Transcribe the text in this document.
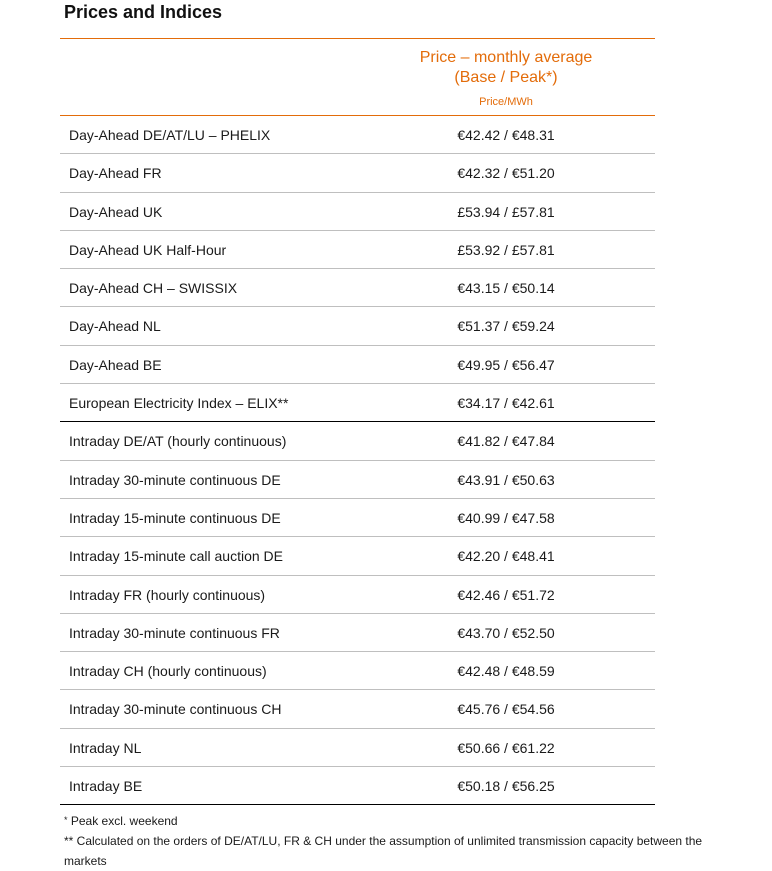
Prices and Indices
Price – monthly average
(Base / Peak*)
Price/MWh
Day-Ahead DE/AT/LU – PHELIX	€42.42 / €48.31
Day-Ahead FR	€42.32 / €51.20
Day-Ahead UK	£53.94 / £57.81
Day-Ahead UK Half-Hour	£53.92 / £57.81
Day-Ahead CH – SWISSIX	€43.15 / €50.14
Day-Ahead NL	€51.37 / €59.24
Day-Ahead BE	€49.95 / €56.47
European Electricity Index – ELIX**	€34.17 / €42.61
Intraday DE/AT (hourly continuous)	€41.82 / €47.84
Intraday 30-minute continuous DE	€43.91 / €50.63
Intraday 15-minute continuous DE	€40.99 / €47.58
Intraday 15-minute call auction DE	€42.20 / €48.41
Intraday FR (hourly continuous)	€42.46 / €51.72
Intraday 30-minute continuous FR	€43.70 / €52.50
Intraday CH (hourly continuous)	€42.48 / €48.59
Intraday 30-minute continuous CH	€45.76 / €54.56
Intraday NL	€50.66 / €61.22
Intraday BE	€50.18 / €56.25

* Peak excl. weekend

** Calculated on the orders of DE/AT/LU, FR & CH under the assumption of unlimited transmission capacity between the markets
